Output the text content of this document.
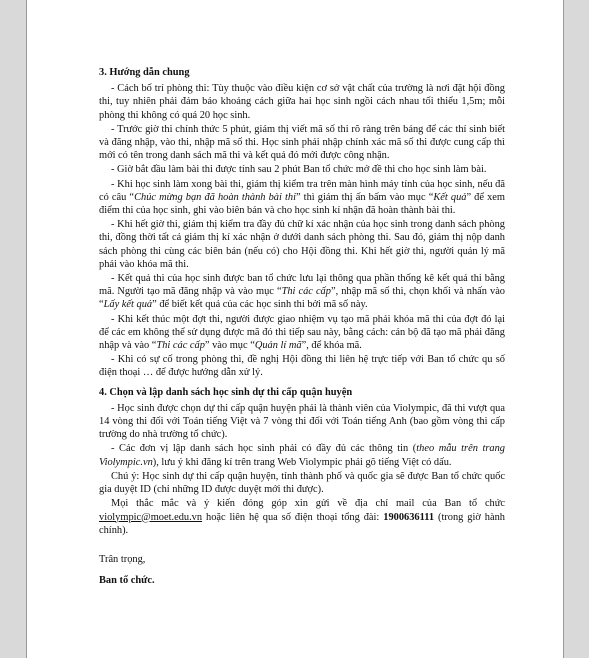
3. Hướng dẫn chung

- Cách bố trí phòng thi: Tùy thuộc vào điều kiện cơ sở vật chất của trường là nơi đặt hội đồng thi, tuy nhiên phải đảm bảo khoảng cách giữa hai học sinh ngồi cách nhau tối thiểu 1,5m; mỗi phòng thi không có quá 20 học sinh.

- Trước giờ thi chính thức 5 phút, giám thị viết mã số thi rõ ràng trên bảng để các thí sinh biết và đăng nhập, vào thi, nhập mã số thi. Học sinh phải nhập chính xác mã số thi được cung cấp thì mới có tên trong danh sách mã thi và kết quả đó mới được công nhận.

- Giờ bắt đầu làm bài thi được tính sau 2 phút Ban tổ chức mở đề thi cho học sinh làm bài.

- Khi học sinh làm xong bài thi, giám thị kiểm tra trên màn hình máy tính của học sinh, nếu đã có câu “Chúc mừng bạn đã hoàn thành bài thi” thì giám thị ấn bấm vào mục “Kết quả” để xem điểm thi của học sinh, ghi vào biên bản và cho học sinh kí nhận đã hoàn thành bài thi.

- Khi hết giờ thi, giám thị kiểm tra đầy đủ chữ kí xác nhận của học sinh trong danh sách phòng thi, đồng thời tất cả giám thị kí xác nhận ở dưới danh sách phòng thi. Sau đó, giám thị nộp danh sách phòng thi cùng các biên bản (nếu có) cho Hội đồng thi. Khi hết giờ thi, người quản lý mã phải vào khóa mã thi.

- Kết quả thi của học sinh được ban tổ chức lưu lại thông qua phần thống kê kết quả thi bằng mã. Người tạo mã đăng nhập và vào mục “Thi các cấp”, nhập mã số thi, chọn khối và nhấn vào “Lấy kết quả” để biết kết quả của các học sinh thi bởi mã số này.

- Khi kết thúc một đợt thi, người được giao nhiệm vụ tạo mã phải khóa mã thi của đợt đó lại để các em không thể sử dụng được mã đó thi tiếp sau này, bằng cách: cán bộ đã tạo mã phải đăng nhập và vào “Thi các cấp” vào mục “Quản lí mã”, để khóa mã.

- Khi có sự cố trong phòng thi, đề nghị Hội đồng thi liên hệ trực tiếp với Ban tổ chức qu số điện thoại … để được hướng dẫn xử lý.

4. Chọn và lập danh sách học sinh dự thi cấp quận huyện

- Học sinh được chọn dự thi cấp quận huyện phải là thành viên của Violympic, đã thi vượt qua 14 vòng thi đối với Toán tiếng Việt và 7 vòng thi đối với Toán tiếng Anh (bao gồm vòng thi cấp trường do nhà trường tổ chức).

- Các đơn vị lập danh sách học sinh phải có đầy đủ các thông tin (theo mẫu trên trang Violympic.vn), lưu ý khi đăng kí trên trang Web Violympic phải gõ tiếng Việt có dấu.

Chú ý: Học sinh dự thi cấp quận huyện, tỉnh thành phố và quốc gia sẽ được Ban tổ chức quốc gia duyệt ID (chỉ những ID được duyệt mới thi được).

Mọi thắc mắc và ý kiến đóng góp xin gửi về địa chỉ mail của Ban tổ chức violympic@moet.edu.vn hoặc liên hệ qua số điện thoại tổng đài: 1900636111 (trong giờ hành chính).

Trân trọng,

Ban tổ chức.
